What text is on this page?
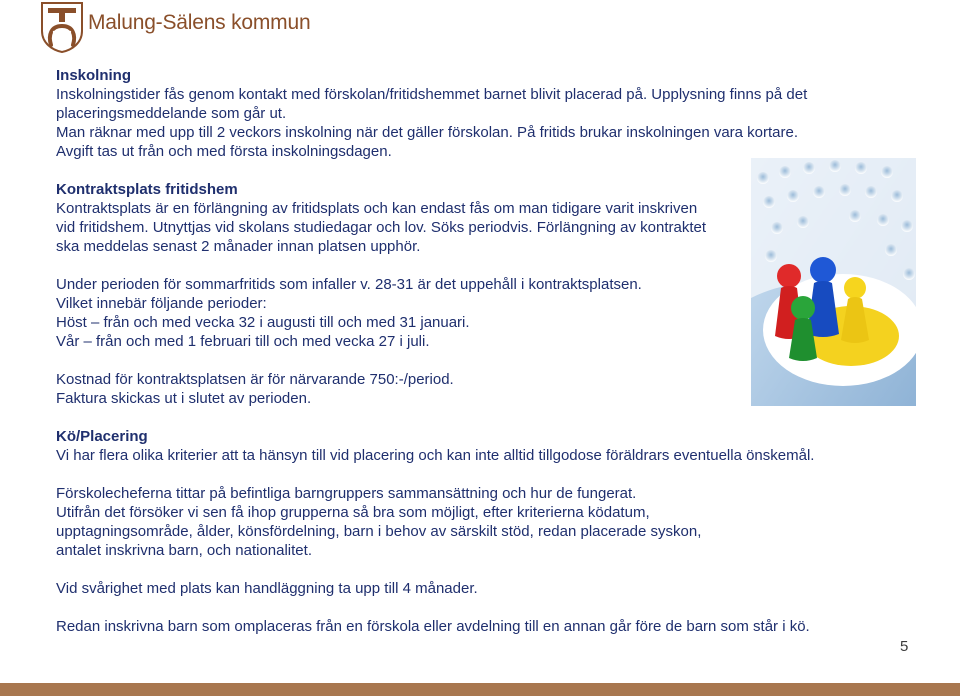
Malung-Sälens kommun
Inskolning
Inskolningstider fås genom kontakt med förskolan/fritidshemmet barnet blivit placerad på. Upplysning finns på det
placeringsmeddelande som går ut.
Man räknar med upp till 2 veckors inskolning när det gäller förskolan. På fritids brukar inskolningen vara kortare.
Avgift tas ut från och med första inskolningsdagen.
Kontraktsplats fritidshem
Kontraktsplats är en förlängning av fritidsplats och kan endast fås om man tidigare varit inskriven
vid fritidshem. Utnyttjas vid skolans studiedagar och lov. Söks periodvis. Förlängning av kontraktet
ska meddelas senast 2 månader innan platsen upphör.
Under perioden för sommarfritids som infaller v. 28-31 är det uppehåll i kontraktsplatsen.
Vilket innebär följande perioder:
Höst – från och med vecka 32 i augusti till och med 31 januari.
Vår – från och med 1 februari till och med vecka 27 i juli.
Kostnad för kontraktsplatsen är för närvarande 750:-/period.
Faktura skickas ut i slutet av perioden.
Kö/Placering
Vi har flera olika kriterier att ta hänsyn till vid placering och kan inte alltid tillgodose föräldrars eventuella önskemål.
Förskolecheferna tittar på befintliga barngruppers sammansättning och hur de fungerat.
Utifrån det försöker vi sen få ihop grupperna så bra som möjligt, efter kriterierna ködatum,
upptagningsområde, ålder, könsfördelning, barn i behov av särskilt stöd, redan placerade syskon,
antalet inskrivna barn, och nationalitet.
Vid svårighet med plats kan handläggning ta upp till 4 månader.
Redan inskrivna barn som omplaceras från en förskola eller avdelning till en annan går före de barn som står i kö.
5
